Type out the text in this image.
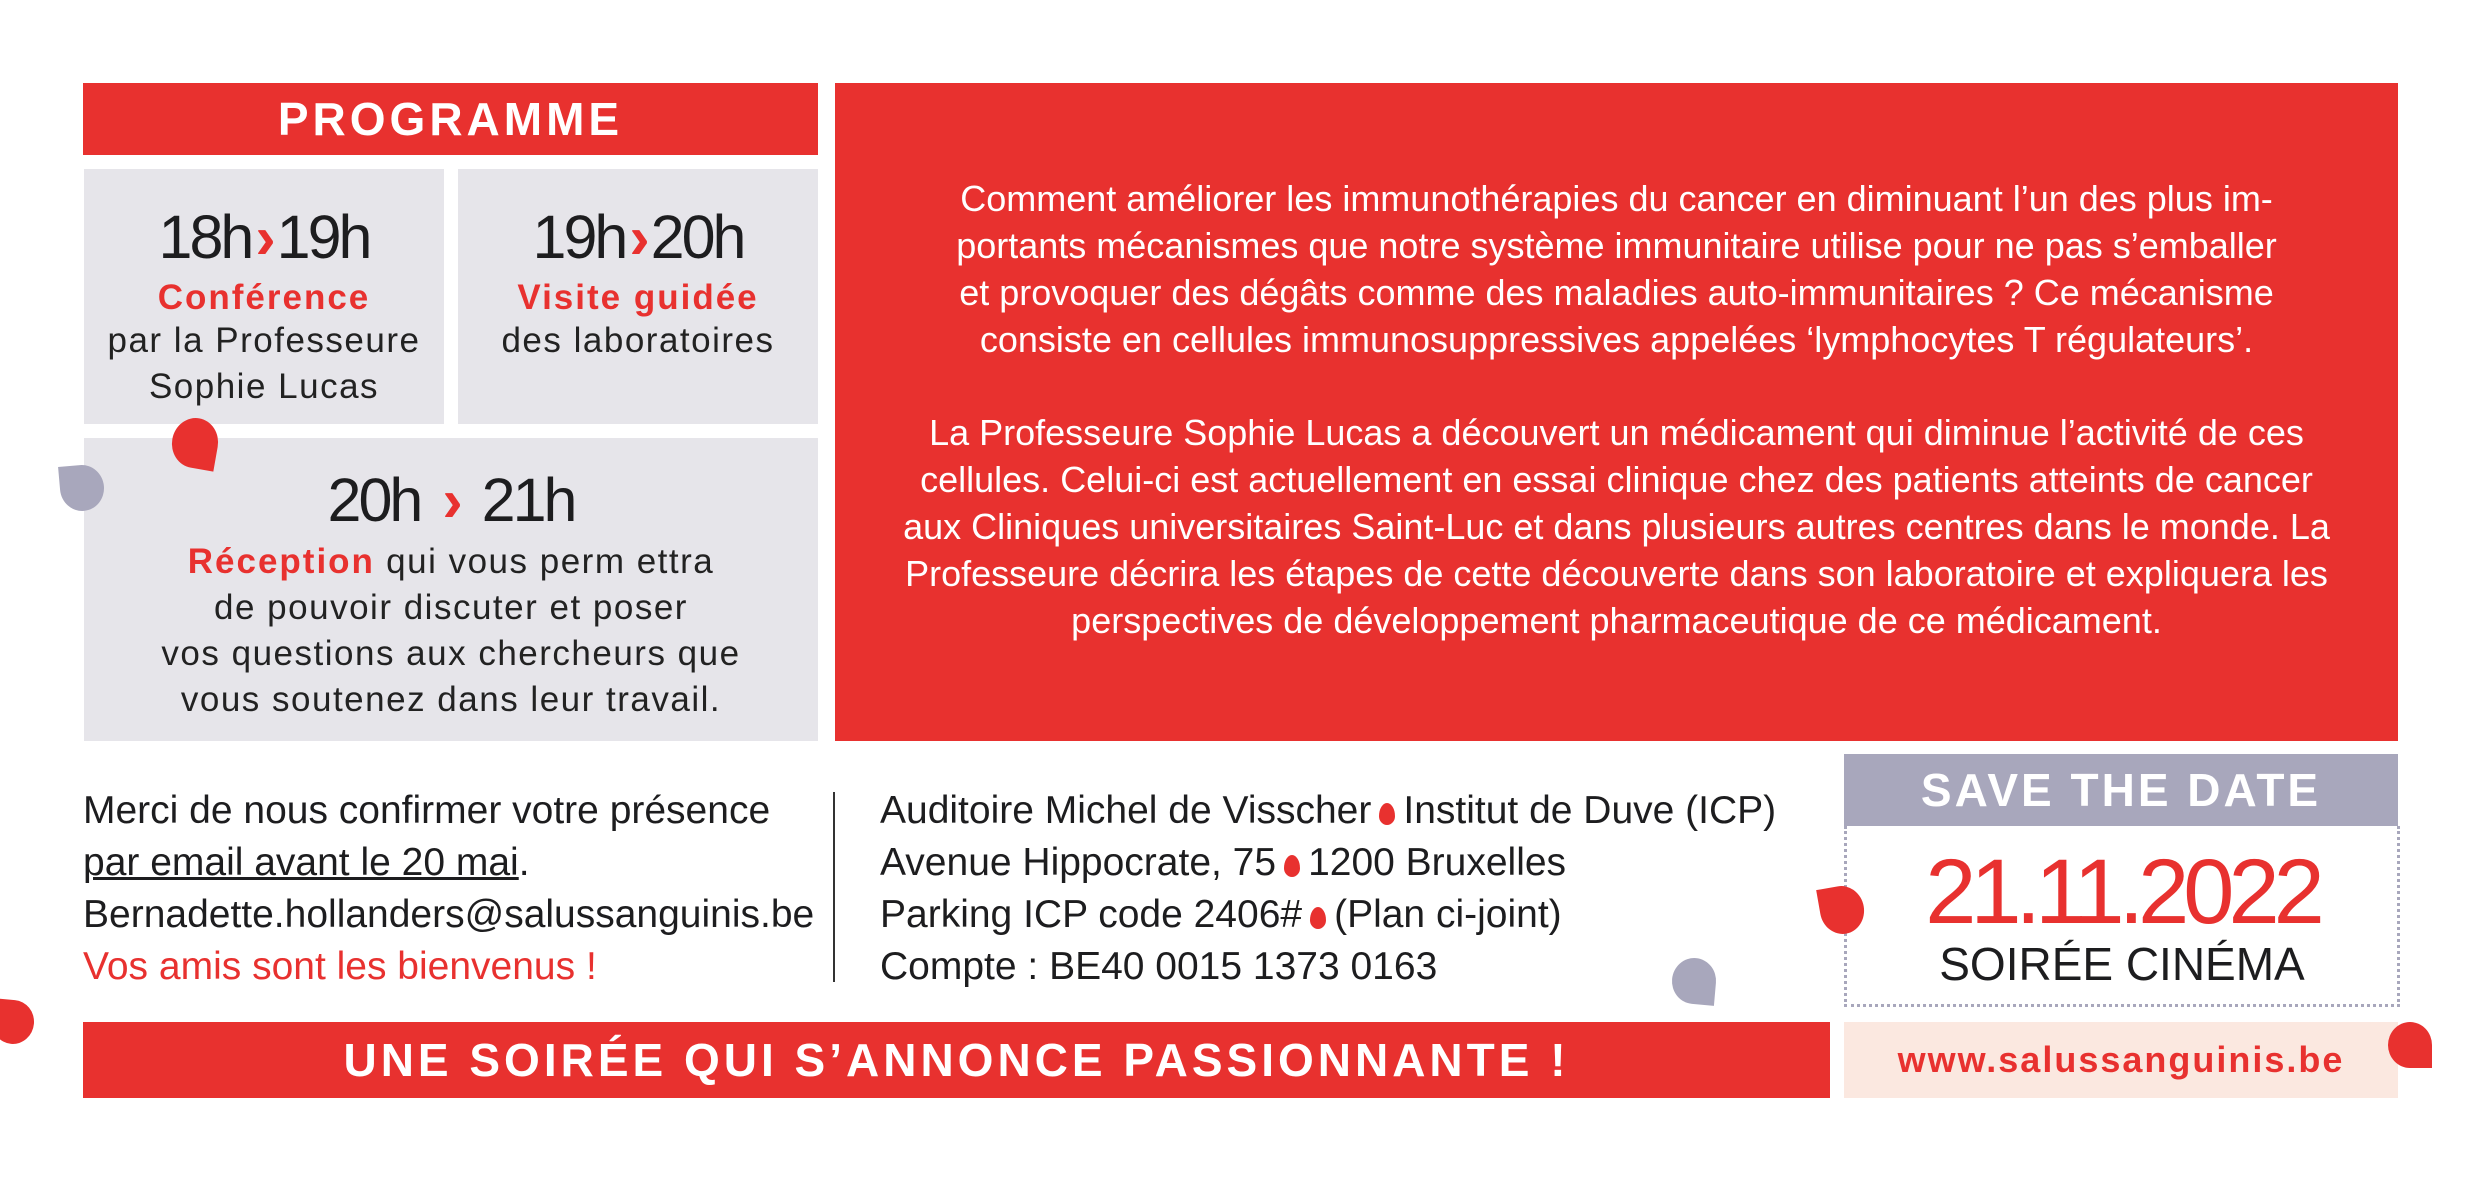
PROGRAMME
18h›19h
Conférence
par la Professeure
Sophie Lucas
19h›20h
Visite guidée
des laboratoires
20h › 21h
Réception qui vous perm ettra
de pouvoir discuter et poser
vos questions aux chercheurs que
vous soutenez dans leur travail.
Comment améliorer les immunothérapies du cancer en diminuant l’un des plus im-
portants mécanismes que notre système immunitaire utilise pour ne pas s’emballer
et provoquer des dégâts comme des maladies auto-immunitaires ? Ce mécanisme
consiste en cellules immunosuppressives appelées ‘lymphocytes T régulateurs’.
La Professeure Sophie Lucas a découvert un médicament qui diminue l’activité de ces
cellules. Celui-ci est actuellement en essai clinique chez des patients atteints de cancer
aux Cliniques universitaires Saint-Luc et dans plusieurs autres centres dans le monde. La
Professeure décrira les étapes de cette découverte dans son laboratoire et expliquera les
perspectives de développement pharmaceutique de ce médicament.
Merci de nous confirmer votre présence
par email avant le 20 mai.
Bernadette.hollanders@salussanguinis.be
Vos amis sont les bienvenus !
Auditoire Michel de Visscher Institut de Duve (ICP)
Avenue Hippocrate, 75 1200 Bruxelles
Parking ICP code 2406# (Plan ci-joint)
Compte : BE40 0015 1373 0163
SAVE THE DATE
21.11.2022
SOIRÉE CINÉMA
UNE SOIRÉE QUI S’ANNONCE PASSIONNANTE !	www.salussanguinis.be
